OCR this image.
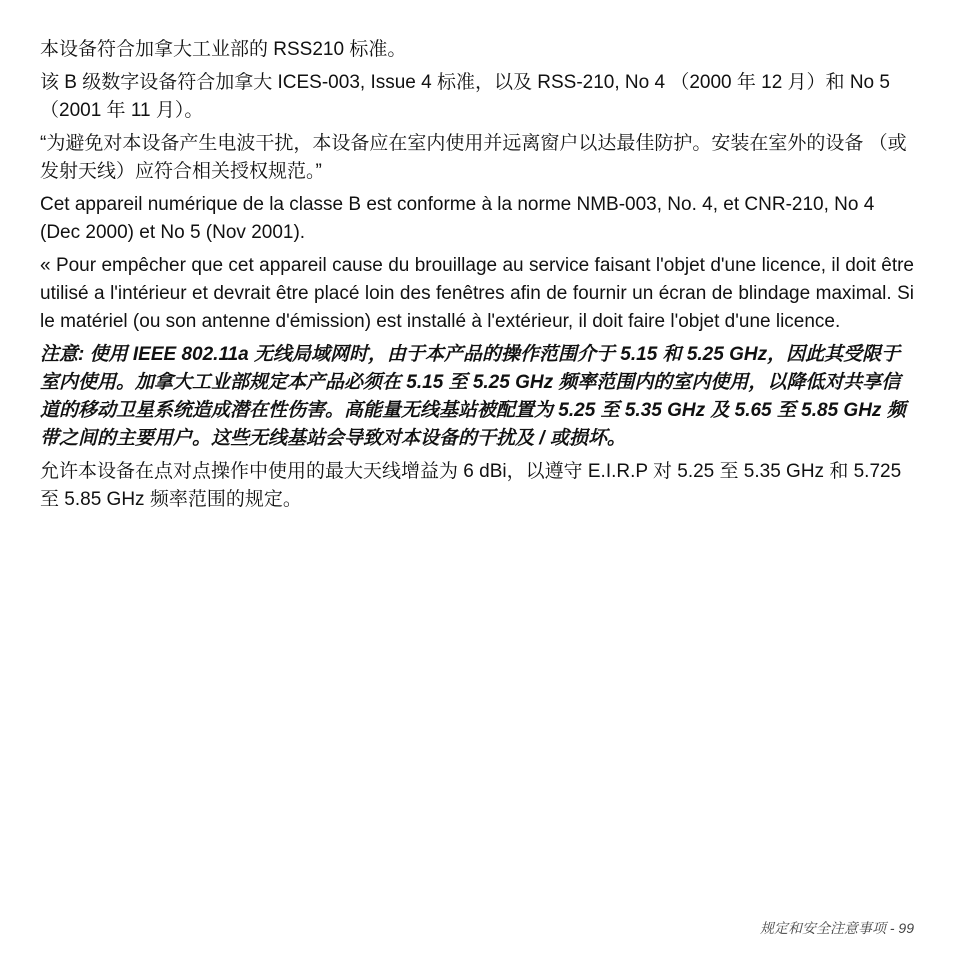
本设备符合加拿大工业部的 RSS210 标准。

该 B 级数字设备符合加拿大 ICES-003, Issue 4 标准，以及 RSS-210, No 4 （2000 年 12 月）和 No 5 （2001 年 11 月）。

“为避免对本设备产生电波干扰，本设备应在室内使用并远离窗户以达最佳防护。安装在室外的设备 （或发射天线）应符合相关授权规范。”

Cet appareil numérique de la classe B est conforme à la norme NMB-003, No. 4, et CNR-210, No 4 (Dec 2000) et No 5 (Nov 2001).

« Pour empêcher que cet appareil cause du brouillage au service faisant l'objet d'une licence, il doit être utilisé a l'intérieur et devrait être placé loin des fenêtres afin de fournir un écran de blindage maximal. Si le matériel (ou son antenne d'émission) est installé à l'extérieur, il doit faire l'objet d'une licence.

注意: 使用 IEEE 802.11a 无线局域网时，由于本产品的操作范围介于 5.15 和 5.25 GHz，因此其受限于室内使用。加拿大工业部规定本产品必须在 5.15 至 5.25 GHz 频率范围内的室内使用，以降低对共享信道的移动卫星系统造成潜在性伤害。高能量无线基站被配置为 5.25 至 5.35 GHz 及 5.65 至 5.85 GHz 频带之间的主要用户。这些无线基站会导致对本设备的干扰及 / 或损坏。

允许本设备在点对点操作中使用的最大天线增益为 6 dBi，以遵守 E.I.R.P 对 5.25 至 5.35 GHz 和 5.725 至 5.85 GHz 频率范围的规定。

规定和安全注意事项 - 99
